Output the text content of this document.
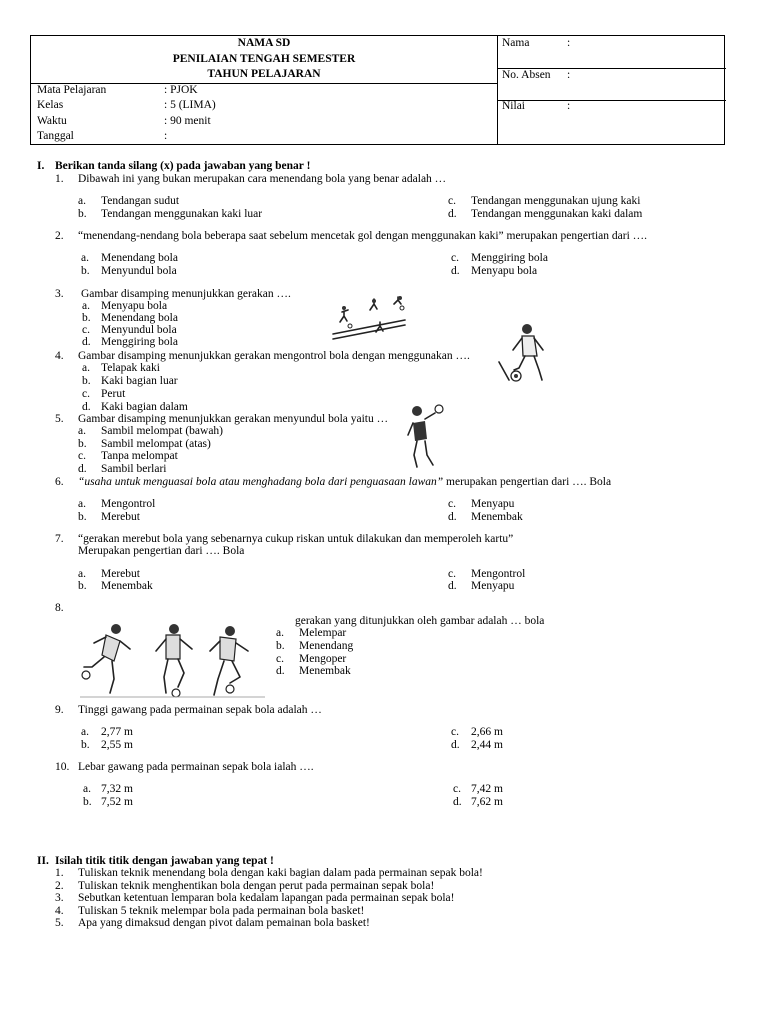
NAMA SD
PENILAIAN TENGAH SEMESTER
TAHUN PELAJARAN
Mata Pelajaran	: PJOK
Kelas	: 5 (LIMA)
Waktu	: 90 menit
Tanggal	:
Nama	:
No. Absen :
Nilai	:
I. Berikan tanda silang (x) pada jawaban yang benar !
1. Dibawah ini yang bukan merupakan cara menendang bola yang benar adalah …
a. Tendangan sudut
b. Tendangan menggunakan kaki luar
c. Tendangan menggunakan ujung kaki
d. Tendangan menggunakan kaki dalam
2. “menendang-nendang bola beberapa saat sebelum mencetak gol dengan menggunakan kaki” merupakan pengertian dari ….
a. Menendang bola
b. Menyundul bola
c. Menggiring bola
d. Menyapu bola
3. Gambar disamping menunjukkan gerakan ….
a. Menyapu bola
b. Menendang bola
c. Menyundul bola
d. Menggiring bola
4. Gambar disamping menunjukkan gerakan mengontrol bola dengan menggunakan ….
a. Telapak kaki
b. Kaki bagian luar
c. Perut
d. Kaki bagian dalam
5. Gambar disamping menunjukkan gerakan menyundul bola yaitu …
a. Sambil melompat (bawah)
b. Sambil melompat (atas)
c. Tanpa melompat
d. Sambil berlari
6. “usaha untuk menguasai bola atau menghadang bola dari penguasaan lawan” merupakan pengertian dari …. Bola
a. Mengontrol
b. Merebut
c. Menyapu
d. Menembak
7. “gerakan merebut bola yang sebenarnya cukup riskan untuk dilakukan dan memperoleh kartu”
Merupakan pengertian dari …. Bola
a. Merebut
b. Menembak
c. Mengontrol
d. Menyapu
8.
gerakan yang ditunjukkan oleh gambar adalah … bola
a. Melempar
b. Menendang
c. Mengoper
d. Menembak
9. Tinggi gawang pada permainan sepak bola adalah …
a. 2,77 m
b. 2,55 m
c. 2,66 m
d. 2,44 m
10. Lebar gawang pada permainan sepak bola ialah ….
a. 7,32 m
b. 7,52 m
c. 7,42 m
d. 7,62 m
II. Isilah titik titik dengan jawaban yang tepat !
1. Tuliskan teknik menendang bola dengan kaki bagian dalam pada permainan sepak bola!
2. Tuliskan teknik menghentikan bola dengan perut pada permainan sepak bola!
3. Sebutkan ketentuan lemparan bola kedalam lapangan pada permainan sepak bola!
4. Tuliskan 5 teknik melempar bola pada permainan bola basket!
5. Apa yang dimaksud dengan pivot dalam pemainan bola basket!
